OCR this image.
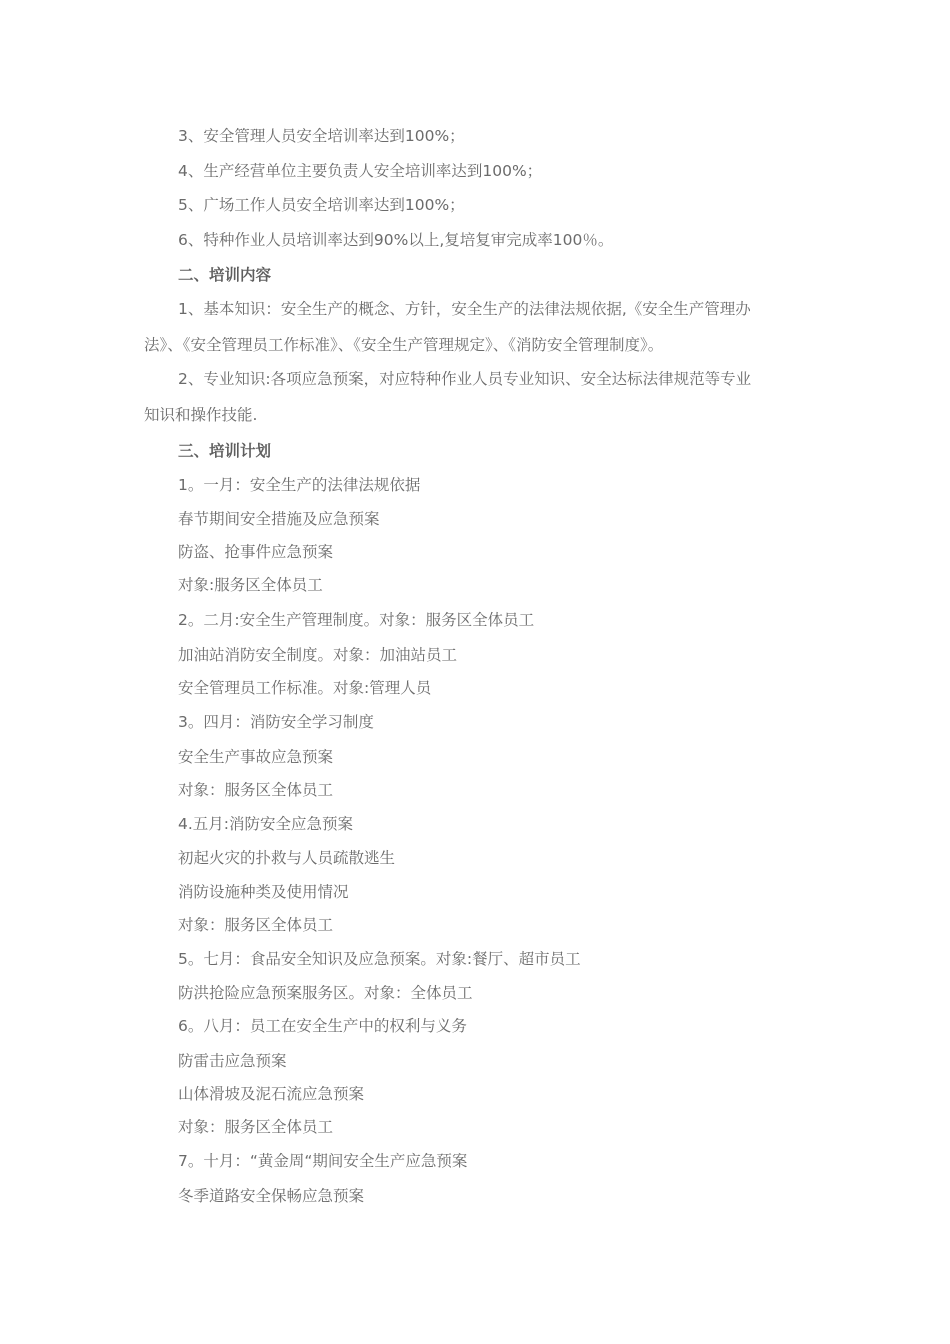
3、安全管理人员安全培训率达到100%；
4、生产经营单位主要负责人安全培训率达到100%；
5、广场工作人员安全培训率达到100%；
6、特种作业人员培训率达到90%以上,复培复审完成率100％。
二、培训内容
1、基本知识：安全生产的概念、方针，安全生产的法律法规依据,《安全生产管理办
法》、《安全管理员工作标准》、《安全生产管理规定》、《消防安全管理制度》。
2、专业知识:各项应急预案，对应特种作业人员专业知识、安全达标法律规范等专业
知识和操作技能.
三、培训计划
1。一月：安全生产的法律法规依据
春节期间安全措施及应急预案
防盗、抢事件应急预案
对象:服务区全体员工
2。二月:安全生产管理制度。对象：服务区全体员工
加油站消防安全制度。对象：加油站员工
安全管理员工作标准。对象:管理人员
3。四月：消防安全学习制度
安全生产事故应急预案
对象：服务区全体员工
4.五月:消防安全应急预案
初起火灾的扑救与人员疏散逃生
消防设施种类及使用情况
对象：服务区全体员工
5。七月：食品安全知识及应急预案。对象:餐厅、超市员工
防洪抢险应急预案服务区。对象：全体员工
6。八月：员工在安全生产中的权利与义务
防雷击应急预案
山体滑坡及泥石流应急预案
对象：服务区全体员工
7。十月：“黄金周“期间安全生产应急预案
冬季道路安全保畅应急预案
